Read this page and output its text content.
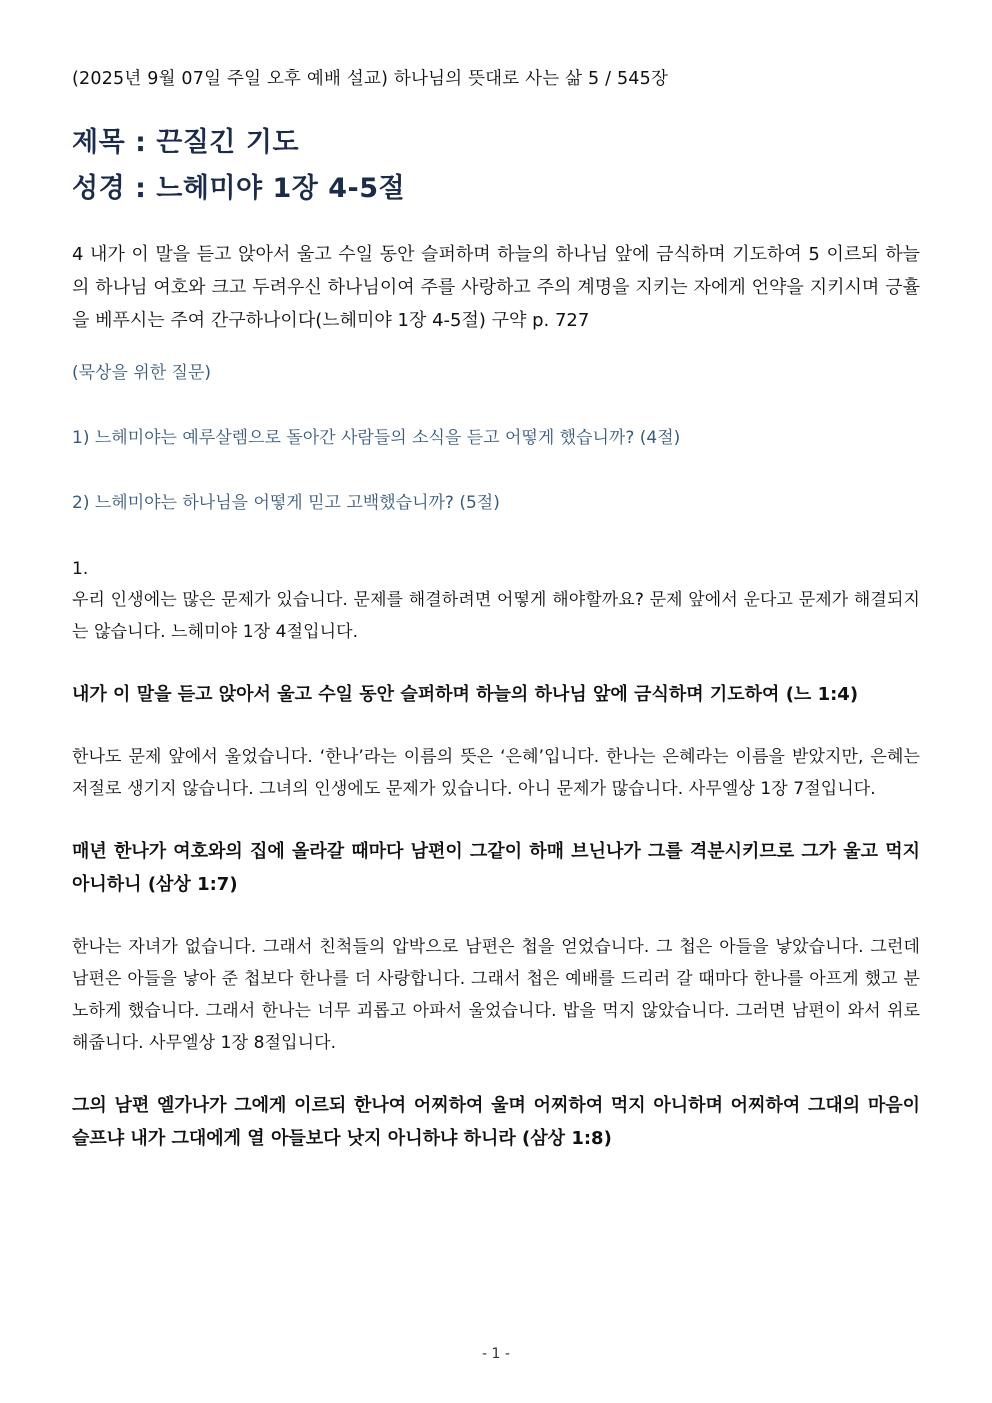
(2025년 9월 07일 주일 오후 예배 설교) 하나님의 뜻대로 사는 삶 5 / 545장

제목 : 끈질긴 기도
성경 : 느헤미야 1장 4-5절

4 내가 이 말을 듣고 앉아서 울고 수일 동안 슬퍼하며 하늘의 하나님 앞에 금식하며 기도하여 5 이르되 하늘의 하나님 여호와 크고 두려우신 하나님이여 주를 사랑하고 주의 계명을 지키는 자에게 언약을 지키시며 긍휼을 베푸시는 주여 간구하나이다(느헤미야 1장 4-5절) 구약 p. 727

(묵상을 위한 질문)

1) 느헤미야는 예루살렘으로 돌아간 사람들의 소식을 듣고 어떻게 했습니까? (4절)

2) 느헤미야는 하나님을 어떻게 믿고 고백했습니까? (5절)

1.

우리 인생에는 많은 문제가 있습니다. 문제를 해결하려면 어떻게 해야할까요? 문제 앞에서 운다고 문제가 해결되지는 않습니다. 느헤미야 1장 4절입니다.

내가 이 말을 듣고 앉아서 울고 수일 동안 슬퍼하며 하늘의 하나님 앞에 금식하며 기도하여 (느 1:4)

한나도 문제 앞에서 울었습니다. ‘한나’라는 이름의 뜻은 ‘은혜’입니다. 한나는 은혜라는 이름을 받았지만, 은혜는 저절로 생기지 않습니다. 그녀의 인생에도 문제가 있습니다. 아니 문제가 많습니다. 사무엘상 1장 7절입니다.

매년 한나가 여호와의 집에 올라갈 때마다 남편이 그같이 하매 브닌나가 그를 격분시키므로 그가 울고 먹지 아니하니 (삼상 1:7)

한나는 자녀가 없습니다. 그래서 친척들의 압박으로 남편은 첩을 얻었습니다. 그 첩은 아들을 낳았습니다. 그런데 남편은 아들을 낳아 준 첩보다 한나를 더 사랑합니다. 그래서 첩은 예배를 드리러 갈 때마다 한나를 아프게 했고 분노하게 했습니다. 그래서 한나는 너무 괴롭고 아파서 울었습니다. 밥을 먹지 않았습니다. 그러면 남편이 와서 위로해줍니다. 사무엘상 1장 8절입니다.

그의 남편 엘가나가 그에게 이르되 한나여 어찌하여 울며 어찌하여 먹지 아니하며 어찌하여 그대의 마음이 슬프냐 내가 그대에게 열 아들보다 낫지 아니하냐 하니라 (삼상 1:8)

- 1 -
